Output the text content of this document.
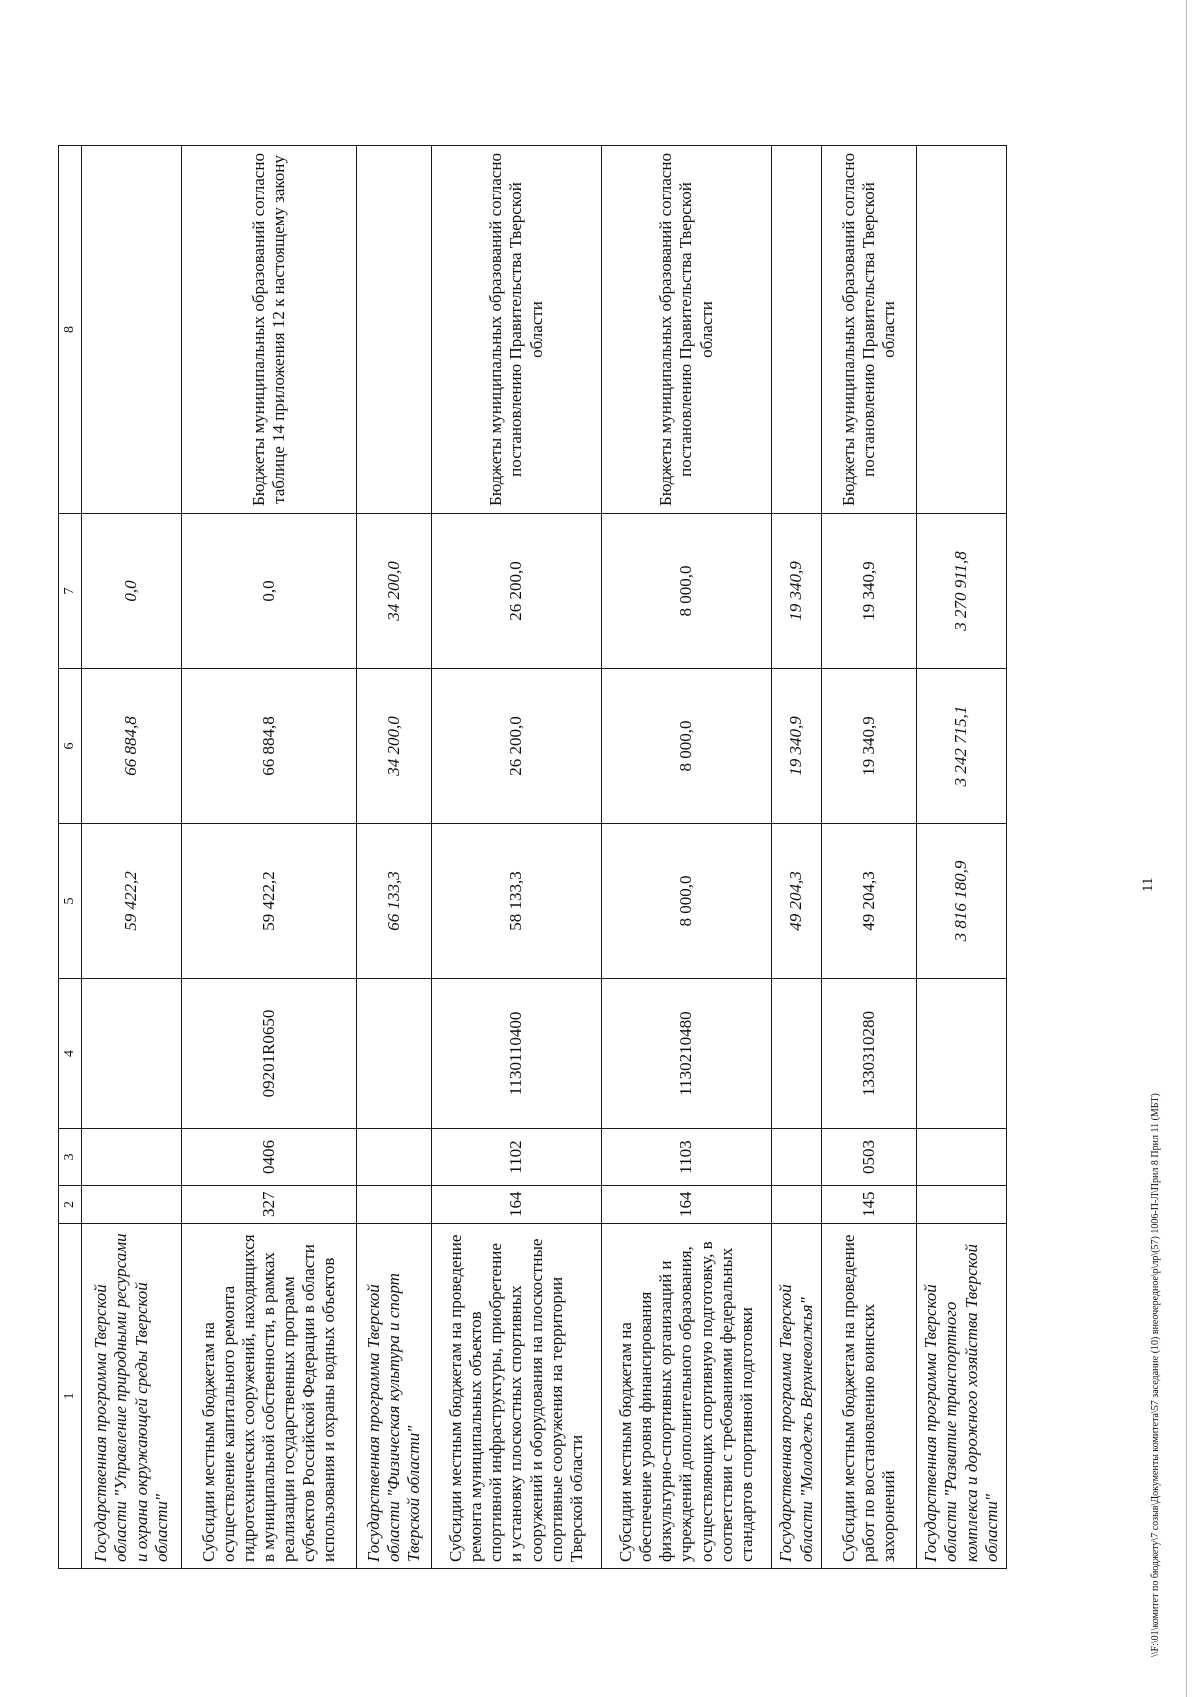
11
1	2	3	4	5	6	7	8
Государственная программа Тверской области "Управление природными ресурсами и охрана окружающей среды Тверской области"				59 422,2	66 884,8	0,0	
Субсидии местным бюджетам на осуществление капитального ремонта гидротехнических сооружений, находящихся в муниципальной собственности, в рамках реализации государственных программ субъектов Российской Федерации в области использования и охраны водных объектов	327	0406	09201R0650	59 422,2	66 884,8	0,0	Бюджеты муниципальных образований согласно таблице 14 приложения 12 к настоящему закону
Государственная программа Тверской области "Физическая культура и спорт Тверской области"				66 133,3	34 200,0	34 200,0	
Субсидии местным бюджетам на проведение ремонта муниципальных объектов спортивной инфраструктуры, приобретение и установку плоскостных спортивных сооружений и оборудования на плоскостные спортивные сооружения на территории Тверской области	164	1102	1130110400	58 133,3	26 200,0	26 200,0	Бюджеты муниципальных образований согласно постановлению Правительства Тверской области
Субсидии местным бюджетам на обеспечение уровня финансирования физкультурно-спортивных организаций и учреждений дополнительного образования, осуществляющих спортивную подготовку, в соответствии с требованиями федеральных стандартов спортивной подготовки	164	1103	1130210480	8 000,0	8 000,0	8 000,0	Бюджеты муниципальных образований согласно постановлению Правительства Тверской области
Государственная программа Тверской области "Молодежь Верхневолжья"				49 204,3	19 340,9	19 340,9	
Субсидии местным бюджетам на проведение работ по восстановлению воинских захоронений	145	0503	1330310280	49 204,3	19 340,9	19 340,9	Бюджеты муниципальных образований согласно постановлению Правительства Тверской области
Государственная программа Тверской области "Развитие транспортного комплекса и дорожного хозяйства Тверской области"				3 816 180,9	3 242 715,1	3 270 911,8	
\\F:\01\комитет по бюджету\7 созыв\Документы комитета\57 заседание (10) внеочередное\р\лр\(57) 1006-П-Л\Прил 8 Прил 11 (МБТ)
